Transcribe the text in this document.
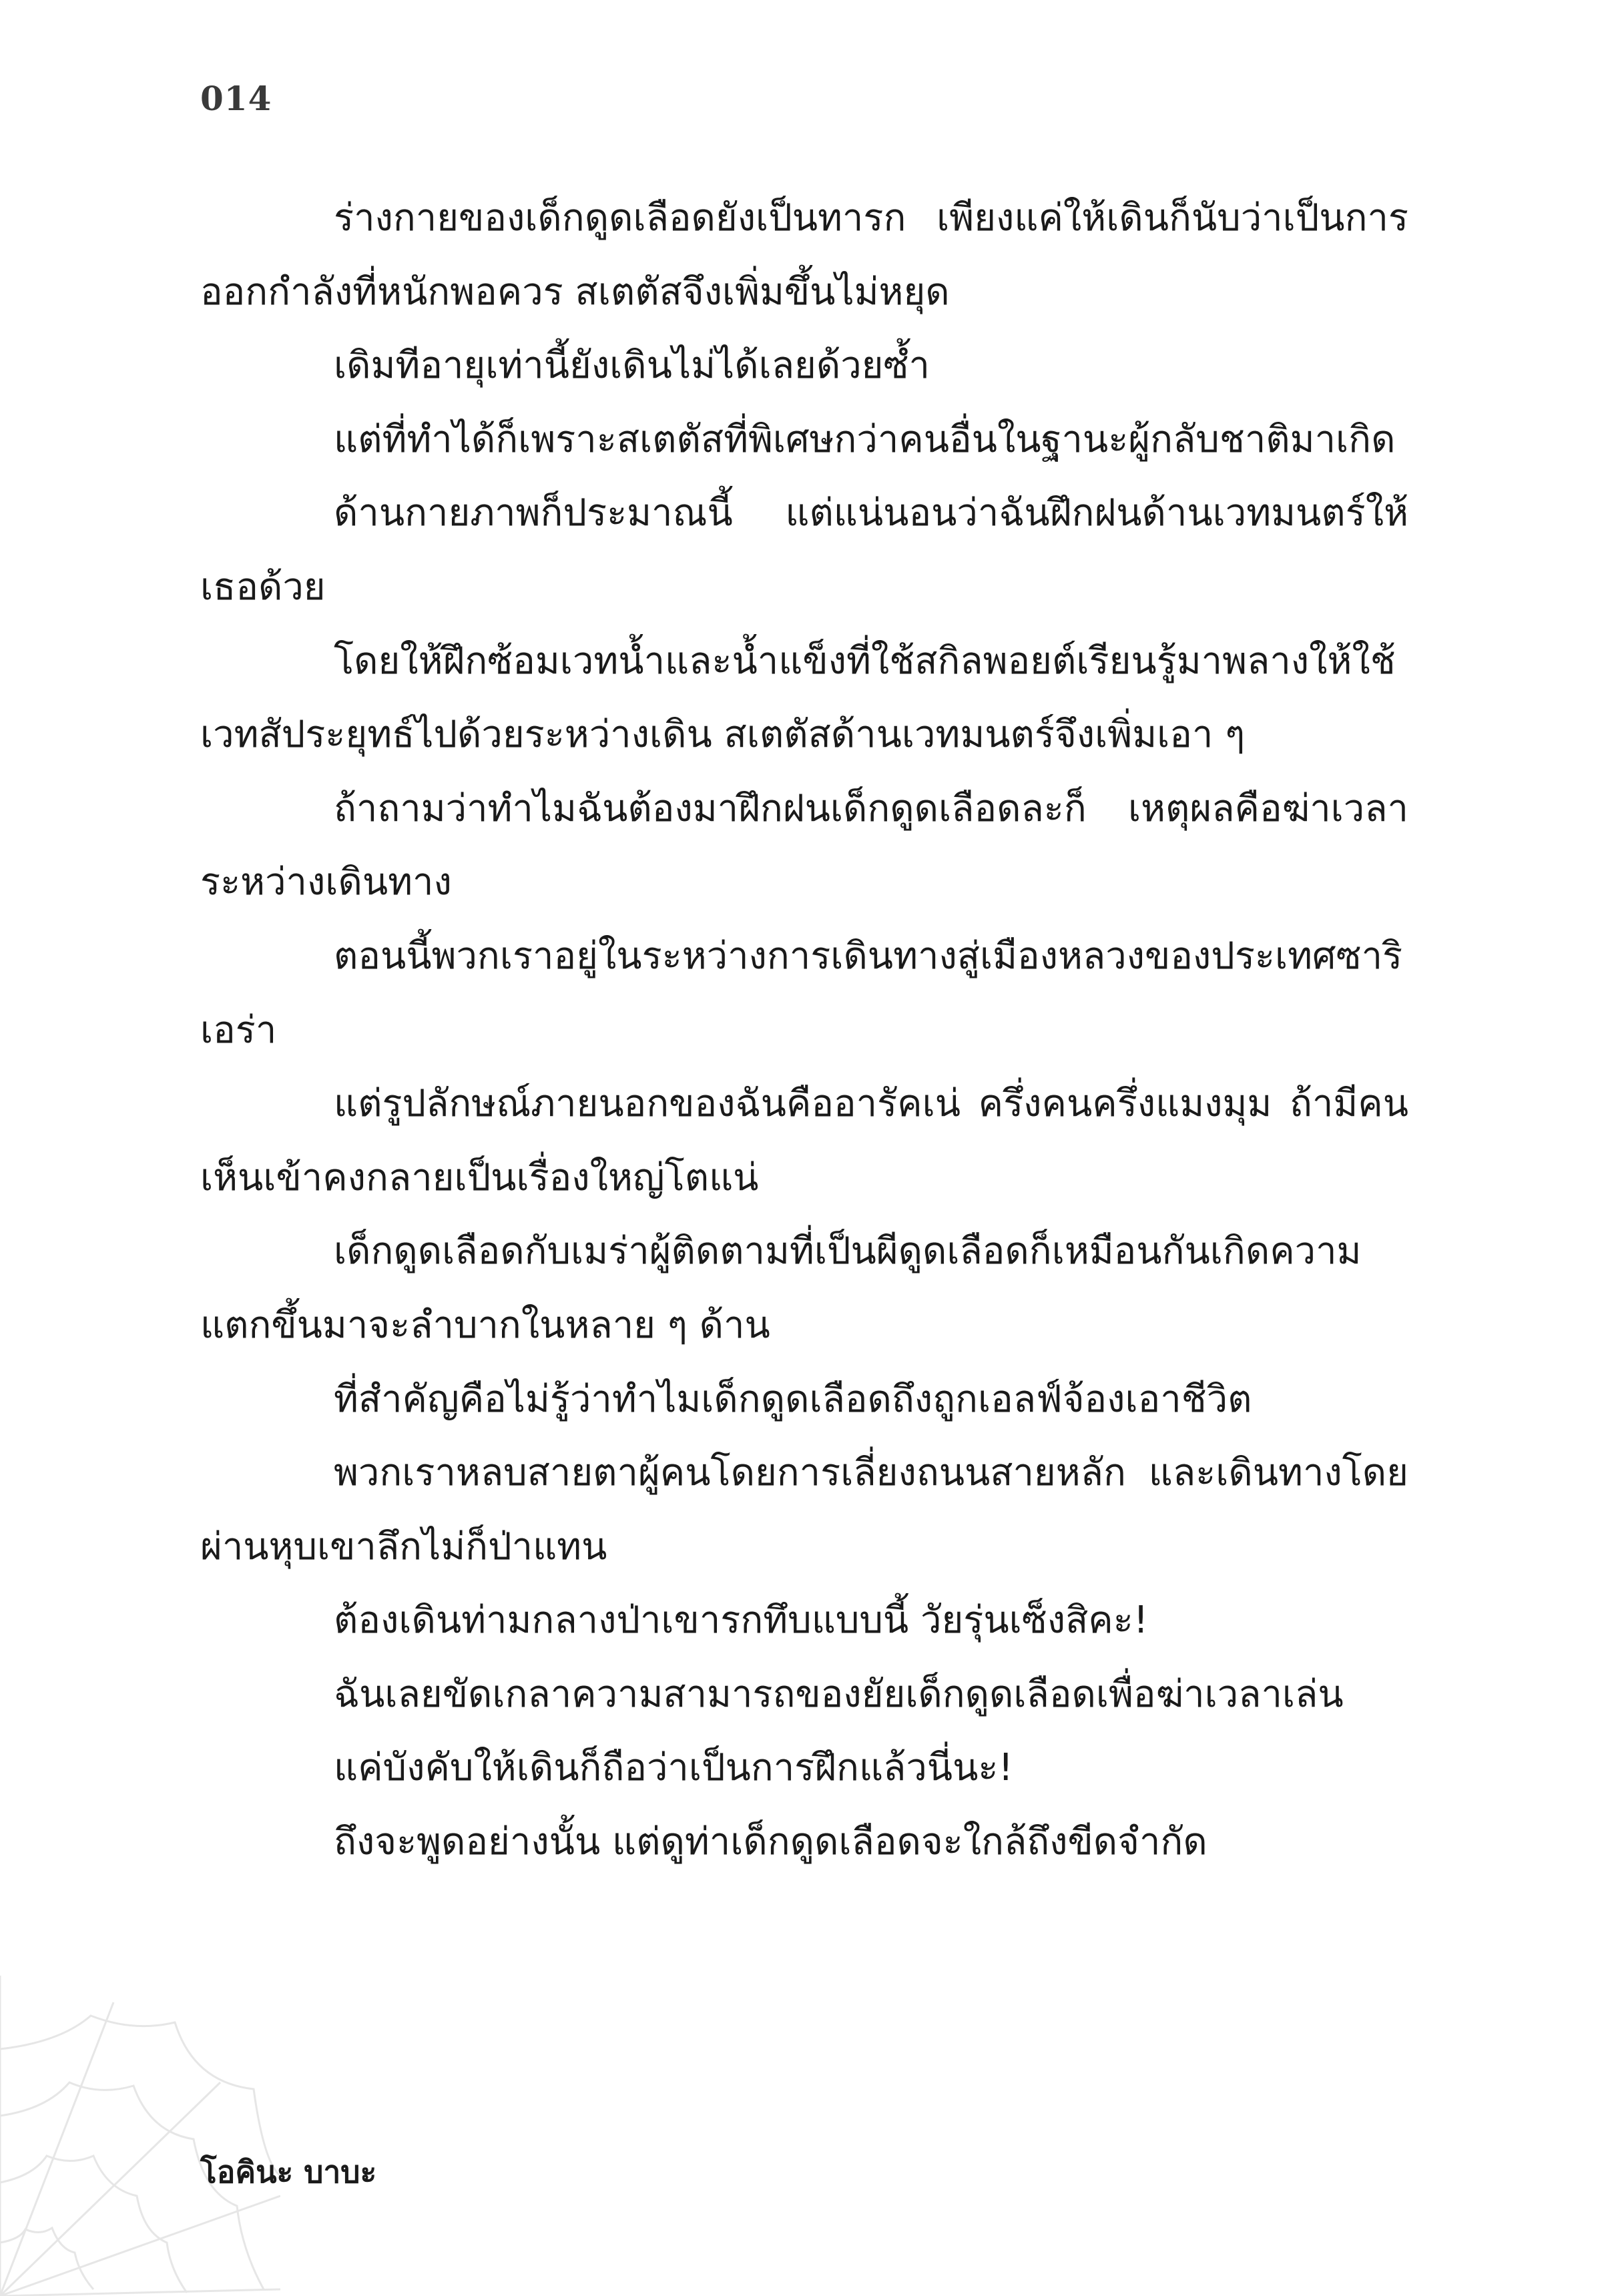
014

ร่างกายของเด็กดูดเลือดยังเป็นทารก เพียงแค่ให้เดินก็นับว่าเป็นการออกกำลังที่หนักพอควร สเตตัสจึงเพิ่มขึ้นไม่หยุด

เดิมทีอายุเท่านี้ยังเดินไม่ได้เลยด้วยซ้ำ

แต่ที่ทำได้ก็เพราะสเตตัสที่พิเศษกว่าคนอื่นในฐานะผู้กลับชาติมาเกิด

ด้านกายภาพก็ประมาณนี้ แต่แน่นอนว่าฉันฝึกฝนด้านเวทมนตร์ให้เธอด้วย

โดยให้ฝึกซ้อมเวทน้ำและน้ำแข็งที่ใช้สกิลพอยต์เรียนรู้มาพลางให้ใช้เวทสัประยุทธ์ไปด้วยระหว่างเดิน สเตตัสด้านเวทมนตร์จึงเพิ่มเอา ๆ

ถ้าถามว่าทำไมฉันต้องมาฝึกฝนเด็กดูดเลือดละก็ เหตุผลคือฆ่าเวลาระหว่างเดินทาง

ตอนนี้พวกเราอยู่ในระหว่างการเดินทางสู่เมืองหลวงของประเทศซาริเอร่า

แต่รูปลักษณ์ภายนอกของฉันคืออารัคเน่ ครึ่งคนครึ่งแมงมุม ถ้ามีคนเห็นเข้าคงกลายเป็นเรื่องใหญ่โตแน่

เด็กดูดเลือดกับเมร่าผู้ติดตามที่เป็นผีดูดเลือดก็เหมือนกันเกิดความแตกขึ้นมาจะลำบากในหลาย ๆ ด้าน

ที่สำคัญคือไม่รู้ว่าทำไมเด็กดูดเลือดถึงถูกเอลฟ์จ้องเอาชีวิต

พวกเราหลบสายตาผู้คนโดยการเลี่ยงถนนสายหลัก และเดินทางโดยผ่านหุบเขาลึกไม่ก็ป่าแทน

ต้องเดินท่ามกลางป่าเขารกทึบแบบนี้ วัยรุ่นเซ็งสิคะ!

ฉันเลยขัดเกลาความสามารถของยัยเด็กดูดเลือดเพื่อฆ่าเวลาเล่น

แค่บังคับให้เดินก็ถือว่าเป็นการฝึกแล้วนี่นะ!

ถึงจะพูดอย่างนั้น แต่ดูท่าเด็กดูดเลือดจะใกล้ถึงขีดจำกัด

โอคินะ บาบะ
